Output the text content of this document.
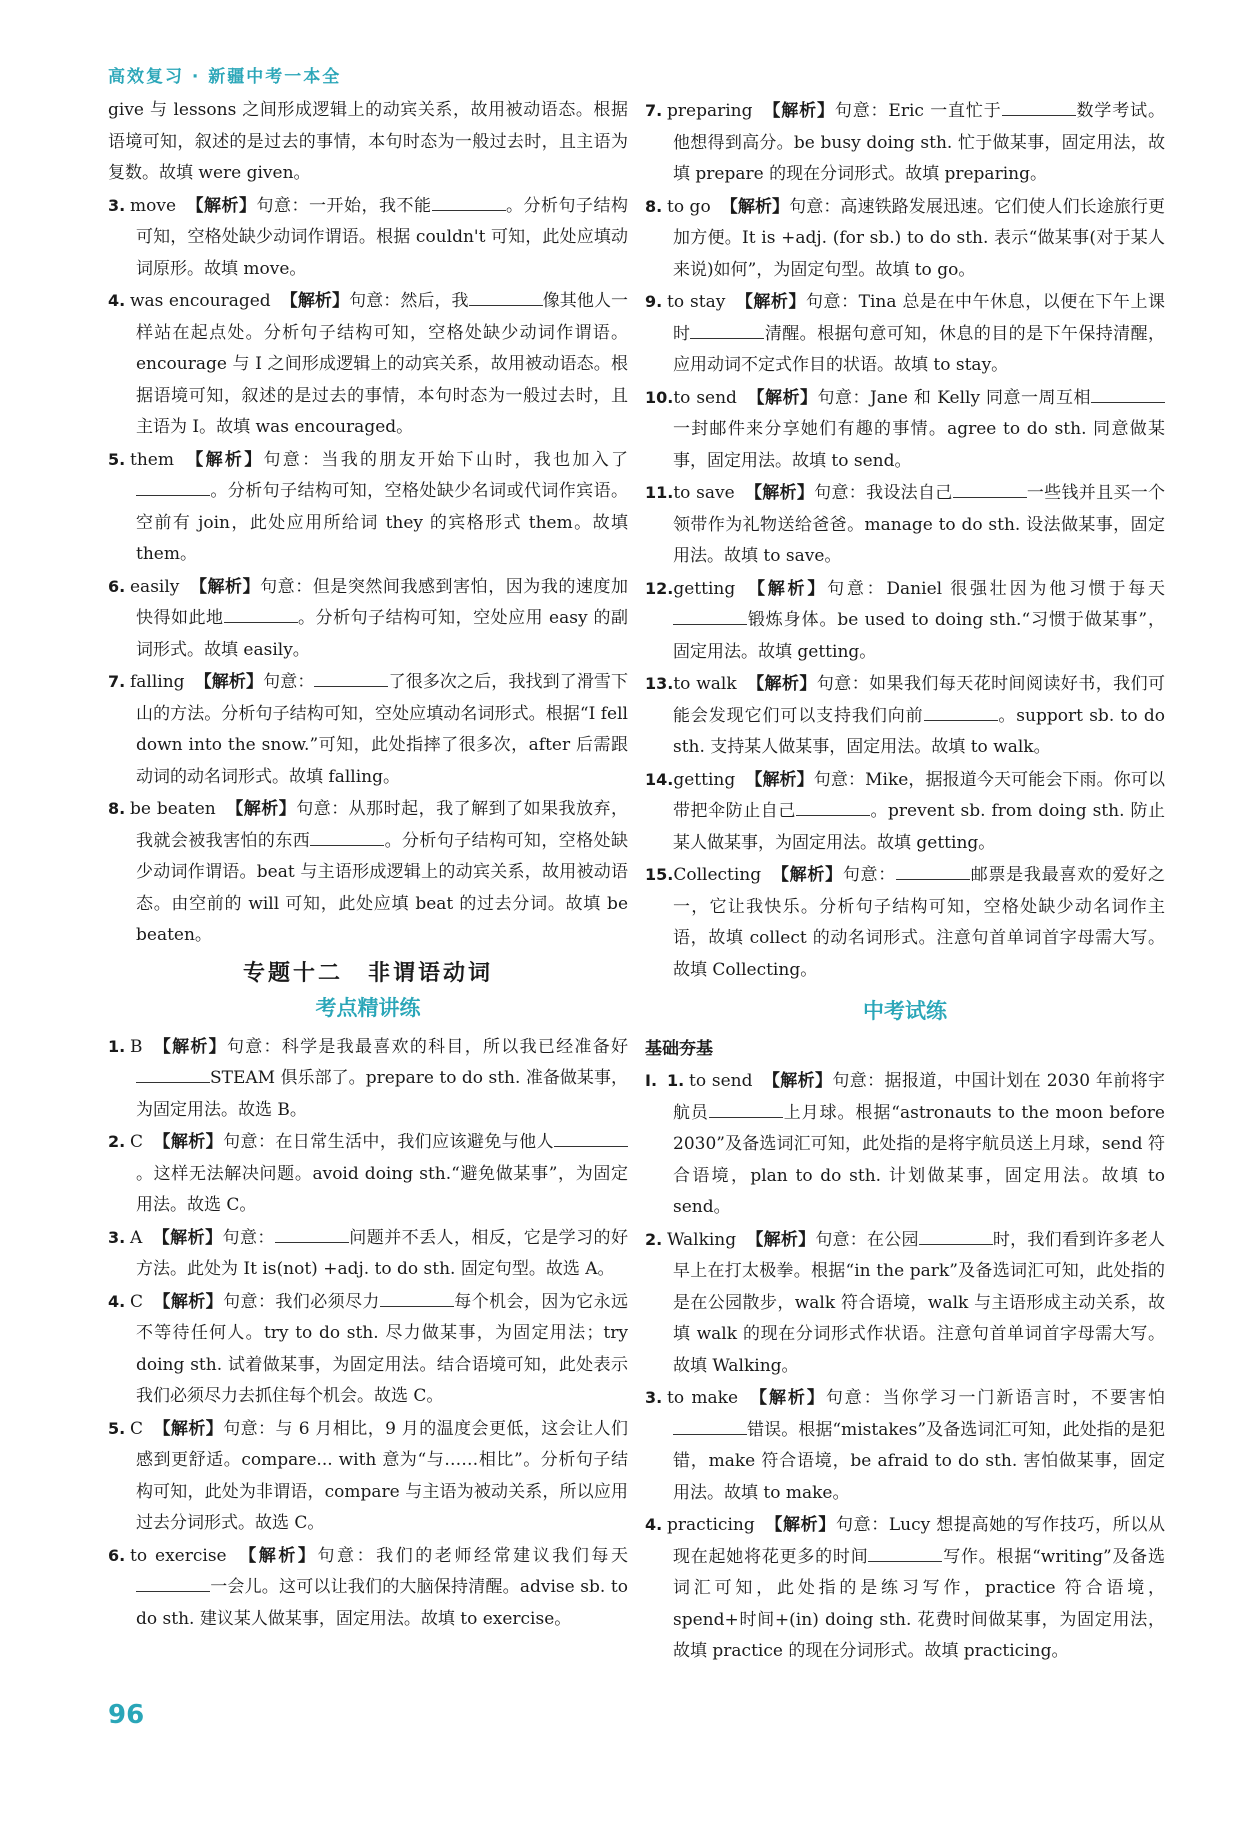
高效复习 · 新疆中考一本全

give 与 lessons 之间形成逻辑上的动宾关系，故用被动语态。根据语境可知，叙述的是过去的事情，本句时态为一般过去时，且主语为复数。故填 were given。

3. move 【解析】句意：一开始，我不能	。分析句子结构可知，空格处缺少动词作谓语。根据 couldn't 可知，此处应填动词原形。故填 move。

4. was encouraged 【解析】句意：然后，我	像其他人一样站在起点处。分析句子结构可知，空格处缺少动词作谓语。encourage 与 I 之间形成逻辑上的动宾关系，故用被动语态。根据语境可知，叙述的是过去的事情，本句时态为一般过去时，且主语为 I。故填 was encouraged。

5. them 【解析】句意：当我的朋友开始下山时，我也加入了。分析句子结构可知，空格处缺少名词或代词作宾语。空前有 join，此处应用所给词 they 的宾格形式 them。故填 them。

6. easily 【解析】句意：但是突然间我感到害怕，因为我的速度加快得如此地	。分析句子结构可知，空处应用 easy 的副词形式。故填 easily。

7. falling 【解析】句意：	了很多次之后，我找到了滑雪下山的方法。分析句子结构可知，空处应填动名词形式。根据“I fell down into the snow.”可知，此处指摔了很多次，after 后需跟动词的动名词形式。故填 falling。

8. be beaten 【解析】句意：从那时起，我了解到了如果我放弃，我就会被我害怕的东西	。分析句子结构可知，空格处缺少动词作谓语。beat 与主语形成逻辑上的动宾关系，故用被动语态。由空前的 will 可知，此处应填 beat 的过去分词。故填 be beaten。

专题十二　非谓语动词
考点精讲练

1. B 【解析】句意：科学是我最喜欢的科目，所以我已经准备好STEAM 俱乐部了。prepare to do sth. 准备做某事，为固定用法。故选 B。

2. C 【解析】句意：在日常生活中，我们应该避免与他人。这样无法解决问题。avoid doing sth.“避免做某事”，为固定用法。故选 C。

3. A 【解析】句意：	问题并不丢人，相反，它是学习的好方法。此处为 It is(not) +adj. to do sth. 固定句型。故选 A。

4. C 【解析】句意：我们必须尽力	每个机会，因为它永远不等待任何人。try to do sth. 尽力做某事，为固定用法；try doing sth. 试着做某事，为固定用法。结合语境可知，此处表示我们必须尽力去抓住每个机会。故选 C。

5. C 【解析】句意：与 6 月相比，9 月的温度会更低，这会让人们感到更舒适。compare... with 意为“与……相比”。分析句子结构可知，此处为非谓语，compare 与主语为被动关系，所以应用过去分词形式。故选 C。

6. to exercise 【解析】句意：我们的老师经常建议我们每天一会儿。这可以让我们的大脑保持清醒。advise sb. to do sth. 建议某人做某事，固定用法。故填 to exercise。

7. preparing 【解析】句意：Eric 一直忙于	数学考试。他想得到高分。be busy doing sth. 忙于做某事，固定用法，故填 prepare 的现在分词形式。故填 preparing。

8. to go 【解析】句意：高速铁路发展迅速。它们使人们长途旅行更加方便。It is +adj. (for sb.) to do sth. 表示“做某事(对于某人来说)如何”，为固定句型。故填 to go。

9. to stay 【解析】句意：Tina 总是在中午休息，以便在下午上课时	清醒。根据句意可知，休息的目的是下午保持清醒，应用动词不定式作目的状语。故填 to stay。

10.to send 【解析】句意：Jane 和 Kelly 同意一周互相一封邮件来分享她们有趣的事情。agree to do sth. 同意做某事，固定用法。故填 to send。

11.to save 【解析】句意：我设法自己	一些钱并且买一个领带作为礼物送给爸爸。manage to do sth. 设法做某事，固定用法。故填 to save。

12.getting 【解析】句意：Daniel 很强壮因为他习惯于每天锻炼身体。be used to doing sth.“习惯于做某事”，固定用法。故填 getting。

13.to walk 【解析】句意：如果我们每天花时间阅读好书，我们可能会发现它们可以支持我们向前	。support sb. to do sth. 支持某人做某事，固定用法。故填 to walk。

14.getting 【解析】句意：Mike，据报道今天可能会下雨。你可以带把伞防止自己	。prevent sb. from doing sth. 防止某人做某事，为固定用法。故填 getting。

15.Collecting 【解析】句意：	邮票是我最喜欢的爱好之一，它让我快乐。分析句子结构可知，空格处缺少动名词作主语，故填 collect 的动名词形式。注意句首单词首字母需大写。故填 Collecting。

中考试练
基础夯基

Ⅰ. 1. to send 【解析】句意：据报道，中国计划在 2030 年前将宇航员	上月球。根据“astronauts to the moon before 2030”及备选词汇可知，此处指的是将宇航员送上月球，send 符合语境，plan to do sth. 计划做某事，固定用法。故填 to send。

2. Walking 【解析】句意：在公园	时，我们看到许多老人早上在打太极拳。根据“in the park”及备选词汇可知，此处指的是在公园散步，walk 符合语境，walk 与主语形成主动关系，故填 walk 的现在分词形式作状语。注意句首单词首字母需大写。故填 Walking。

3. to make 【解析】句意：当你学习一门新语言时，不要害怕错误。根据“mistakes”及备选词汇可知，此处指的是犯错，make 符合语境，be afraid to do sth. 害怕做某事，固定用法。故填 to make。

4. practicing 【解析】句意：Lucy 想提高她的写作技巧，所以从现在起她将花更多的时间	写作。根据“writing”及备选词汇可知，此处指的是练习写作，practice 符合语境，spend+时间+(in) doing sth. 花费时间做某事，为固定用法，故填 practice 的现在分词形式。故填 practicing。

96
